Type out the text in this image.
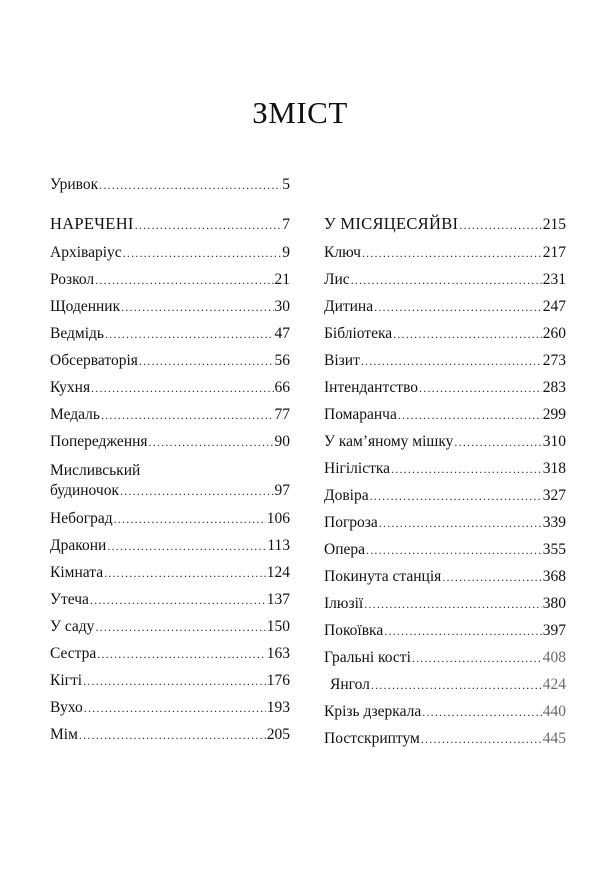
ЗМІСТ
Уривок .....	5
НАРЕЧЕНІ .....	7
Архіваріус .....	9
Розкол .....	21
Щоденник .....	30
Ведмідь .....	47
Обсерваторія .....	56
Кухня .....	66
Медаль .....	77
Попередження .....	90
Мисливський
будиночок .....	97
Небоград .....	106
Дракони .....	113
Кімната .....	124
Утеча .....	137
У саду .....	150
Сестра .....	163
Кігті .....	176
Вухо .....	193
Мім .....	205
У МІСЯЦЕСЯЙВІ .....	215
Ключ .....	217
Лис .....	231
Дитина .....	247
Бібліотека .....	260
Візит .....	273
Інтендантство .....	283
Помаранча .....	299
У кам’яному мішку .....	310
Нігілістка .....	318
Довіра .....	327
Погроза .....	339
Опера .....	355
Покинута станція .....	368
Ілюзії .....	380
Покоївка .....	397
Гральні кості .....	408
Янгол .....	424
Крізь дзеркала .....	440
Постскриптум .....	445
